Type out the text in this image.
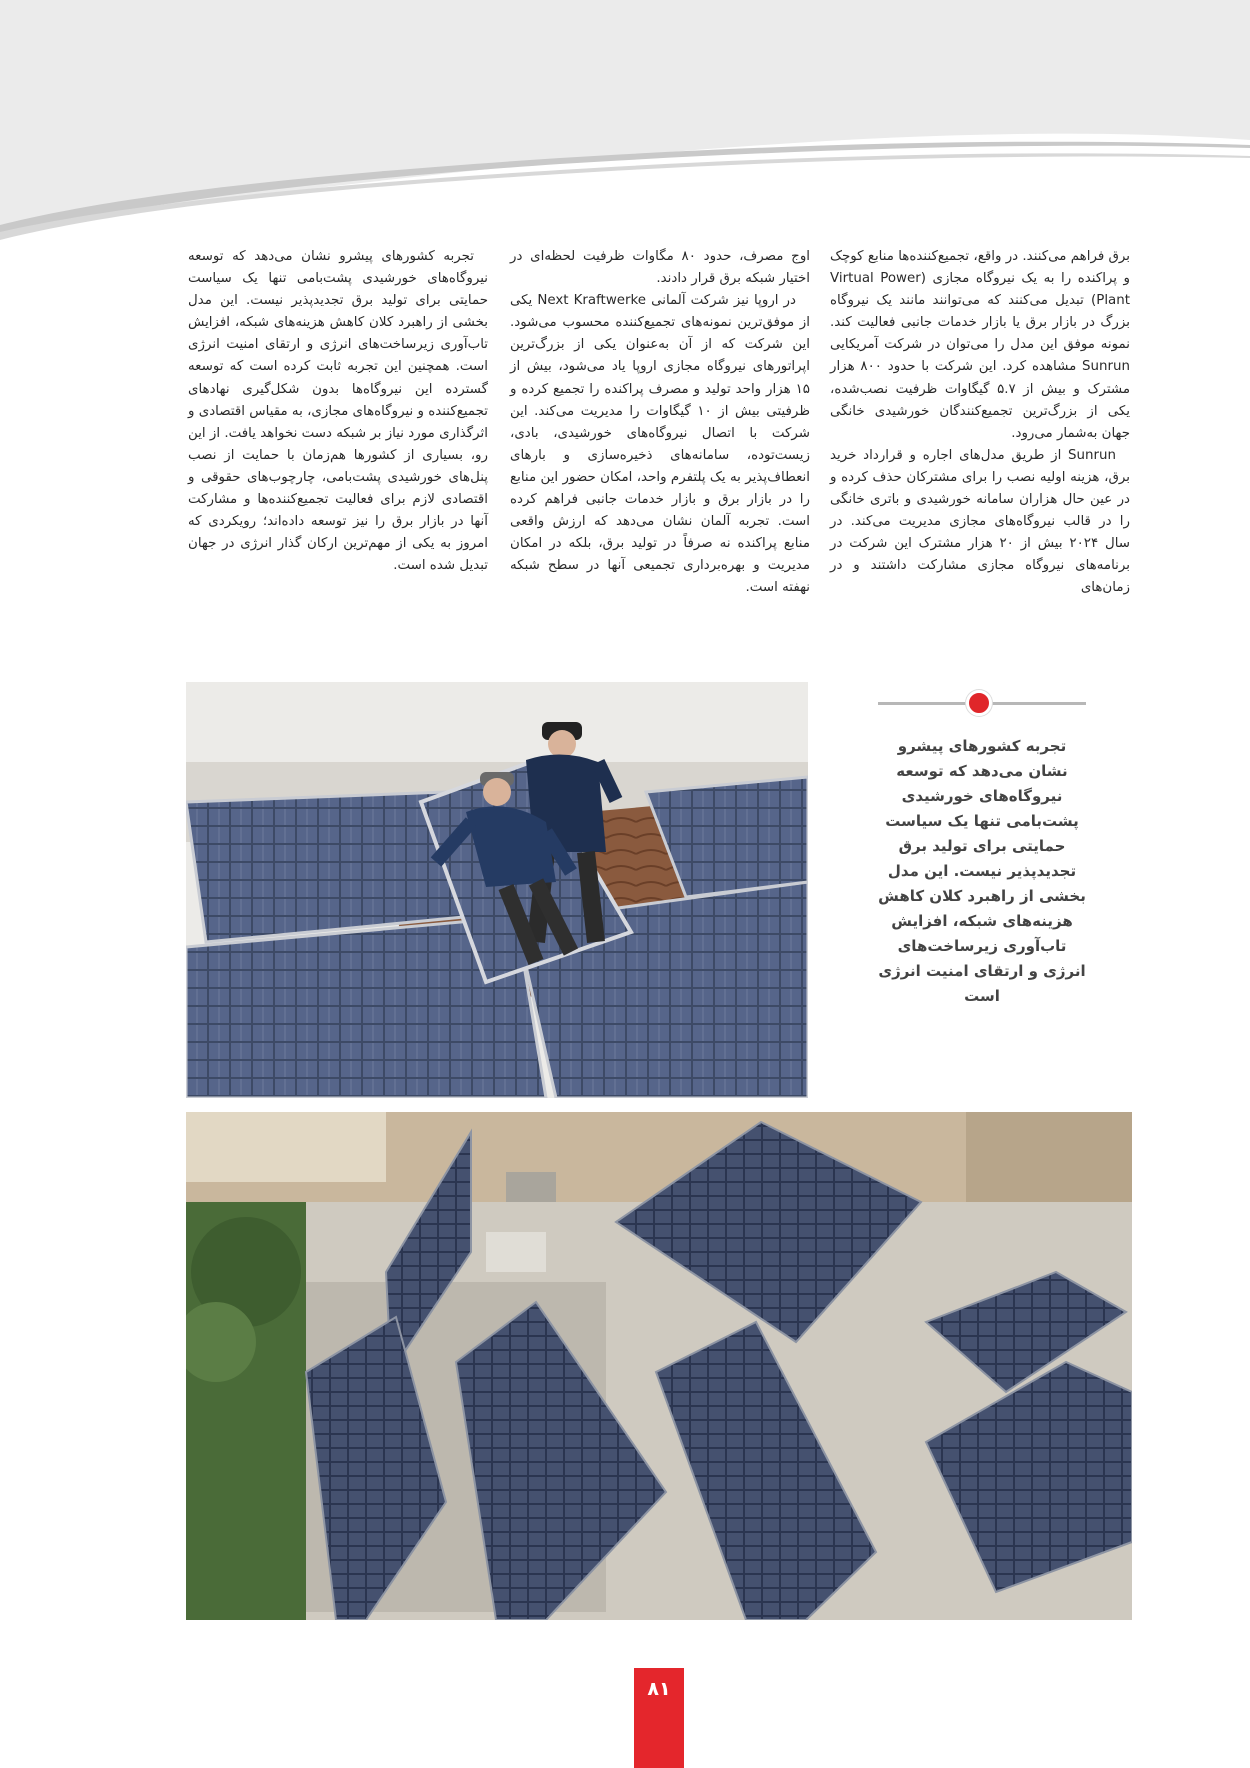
برق فراهم می‌کنند. در واقع، تجمیع‌کننده‌ها منابع کوچک و پراکنده را به یک نیروگاه مجازی (Virtual Power Plant) تبدیل می‌کنند که می‌توانند مانند یک نیروگاه بزرگ در بازار برق یا بازار خدمات جانبی فعالیت کند. نمونه موفق این مدل را می‌توان در شرکت آمریکایی Sunrun مشاهده کرد. این شرکت با حدود ۸۰۰ هزار مشترک و بیش از ۵.۷ گیگاوات ظرفیت نصب‌شده، یکی از بزرگ‌ترین تجمیع‌کنندگان خورشیدی خانگی جهان به‌شمار می‌رود.

Sunrun از طریق مدل‌های اجاره و قرارداد خرید برق، هزینه اولیه نصب را برای مشترکان حذف کرده و در عین حال هزاران سامانه خورشیدی و باتری خانگی را در قالب نیروگاه‌های مجازی مدیریت می‌کند. در سال ۲۰۲۴ بیش از ۲۰ هزار مشترک این شرکت در برنامه‌های نیروگاه مجازی مشارکت داشتند و در زمان‌های

اوج مصرف، حدود ۸۰ مگاوات ظرفیت لحظه‌ای در اختیار شبکه برق قرار دادند.

در اروپا نیز شرکت آلمانی Next Kraftwerke یکی از موفق‌ترین نمونه‌های تجمیع‌کننده محسوب می‌شود. این شرکت که از آن به‌عنوان یکی از بزرگ‌ترین اپراتورهای نیروگاه مجازی اروپا یاد می‌شود، بیش از ۱۵ هزار واحد تولید و مصرف پراکنده را تجمیع کرده و ظرفیتی بیش از ۱۰ گیگاوات را مدیریت می‌کند. این شرکت با اتصال نیروگاه‌های خورشیدی، بادی، زیست‌توده، سامانه‌های ذخیره‌سازی و بارهای انعطاف‌پذیر به یک پلتفرم واحد، امکان حضور این منابع را در بازار برق و بازار خدمات جانبی فراهم کرده است. تجربه آلمان نشان می‌دهد که ارزش واقعی منابع پراکنده نه صرفاً در تولید برق، بلکه در امکان مدیریت و بهره‌برداری تجمیعی آنها در سطح شبکه نهفته است.

تجربه کشورهای پیشرو نشان می‌دهد که توسعه نیروگاه‌های خورشیدی پشت‌بامی تنها یک سیاست حمایتی برای تولید برق تجدیدپذیر نیست. این مدل بخشی از راهبرد کلان کاهش هزینه‌های شبکه، افزایش تاب‌آوری زیرساخت‌های انرژی و ارتقای امنیت انرژی است. همچنین این تجربه ثابت کرده است که توسعه گسترده این نیروگاه‌ها بدون شکل‌گیری نهادهای تجمیع‌کننده و نیروگاه‌های مجازی، به مقیاس اقتصادی و اثرگذاری مورد نیاز بر شبکه دست نخواهد یافت. از این رو، بسیاری از کشورها هم‌زمان با حمایت از نصب پنل‌های خورشیدی پشت‌بامی، چارچوب‌های حقوقی و اقتصادی لازم برای فعالیت تجمیع‌کننده‌ها و مشارکت آنها در بازار برق را نیز توسعه داده‌اند؛ رویکردی که امروز به یکی از مهم‌ترین ارکان گذار انرژی در جهان تبدیل شده است.

تجربه کشورهای پیشرو نشان می‌دهد که توسعه نیروگاه‌های خورشیدی پشت‌بامی تنها یک سیاست حمایتی برای تولید برق تجدیدپذیر نیست. این مدل بخشی از راهبرد کلان کاهش هزینه‌های شبکه، افزایش تاب‌آوری زیرساخت‌های انرژی و ارتقای امنیت انرژی است
۸۱
